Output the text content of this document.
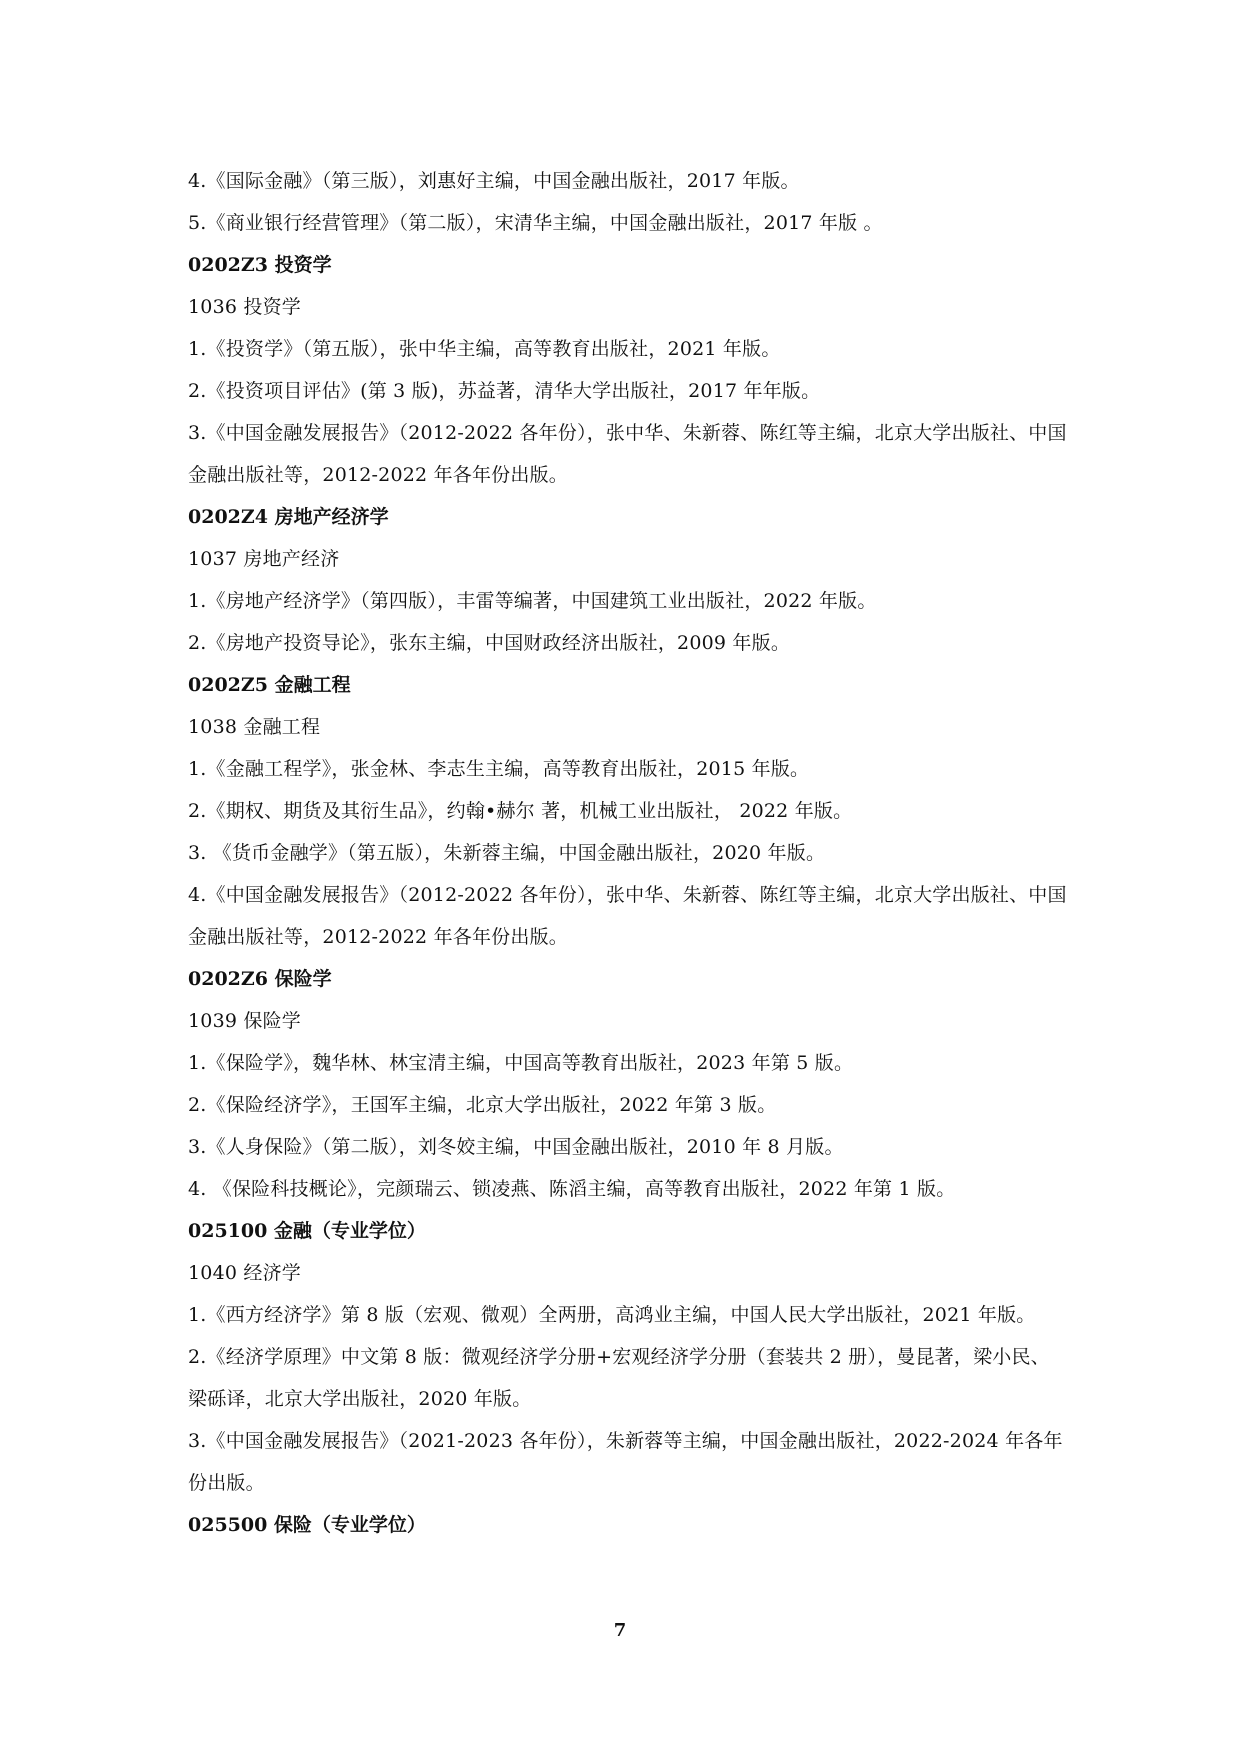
4.《国际金融》（第三版），刘惠好主编，中国金融出版社，2017 年版。
5.《商业银行经营管理》（第二版），宋清华主编，中国金融出版社，2017 年版 。
0202Z3 投资学
1036 投资学
1.《投资学》（第五版），张中华主编，高等教育出版社，2021 年版。
2.《投资项目评估》(第 3 版)，苏益著，清华大学出版社，2017 年年版。
3.《中国金融发展报告》（2012-2022 各年份），张中华、朱新蓉、陈红等主编，北京大学出版社、中国金融出版社等，2012-2022 年各年份出版。
0202Z4 房地产经济学
1037 房地产经济
1.《房地产经济学》（第四版），丰雷等编著，中国建筑工业出版社，2022 年版。
2.《房地产投资导论》，张东主编，中国财政经济出版社，2009 年版。
0202Z5 金融工程
1038 金融工程
1.《金融工程学》，张金林、李志生主编，高等教育出版社，2015 年版。
2.《期权、期货及其衍生品》，约翰•赫尔 著，机械工业出版社， 2022 年版。
3. 《货币金融学》（第五版），朱新蓉主编，中国金融出版社，2020 年版。
4.《中国金融发展报告》（2012-2022 各年份），张中华、朱新蓉、陈红等主编，北京大学出版社、中国金融出版社等，2012-2022 年各年份出版。
0202Z6 保险学
1039 保险学
1.《保险学》，魏华林、林宝清主编，中国高等教育出版社，2023 年第 5 版。
2.《保险经济学》，王国军主编，北京大学出版社，2022 年第 3 版。
3.《人身保险》（第二版），刘冬姣主编，中国金融出版社，2010 年 8 月版。
4. 《保险科技概论》，完颜瑞云、锁凌燕、陈滔主编，高等教育出版社，2022 年第 1 版。
025100 金融（专业学位）
1040 经济学
1.《西方经济学》第 8 版（宏观、微观）全两册，高鸿业主编，中国人民大学出版社，2021 年版。
2.《经济学原理》中文第 8 版：微观经济学分册+宏观经济学分册（套装共 2 册），曼昆著，梁小民、梁砾译，北京大学出版社，2020 年版。
3.《中国金融发展报告》（2021-2023 各年份），朱新蓉等主编，中国金融出版社，2022-2024 年各年份出版。
025500 保险（专业学位）
7
